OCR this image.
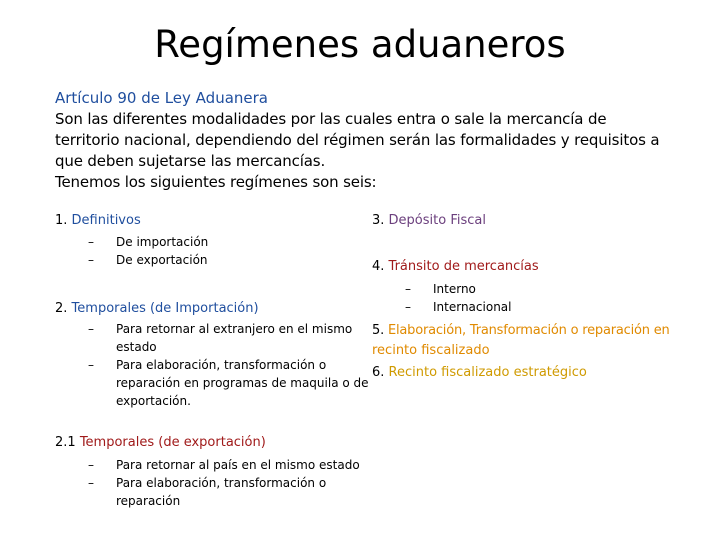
Regímenes aduaneros
Artículo 90 de Ley Aduanera
Son las diferentes modalidades por las cuales entra o sale la mercancía de
territorio nacional, dependiendo del régimen serán las formalidades y requisitos a
que deben sujetarse las mercancías.
Tenemos los siguientes regímenes son seis:
1. Definitivos
– De importación
– De exportación
2. Temporales (de Importación)
– Para retornar al extranjero en el mismo
estado
– Para elaboración, transformación o
reparación en programas de maquila o de
exportación.
2.1 Temporales (de exportación)
– Para retornar al país en el mismo estado
– Para elaboración, transformación o
reparación
3. Depósito Fiscal
4. Tránsito de mercancías
– Interno
– Internacional
5. Elaboración, Transformación o reparación en
recinto fiscalizado
6. Recinto fiscalizado estratégico
